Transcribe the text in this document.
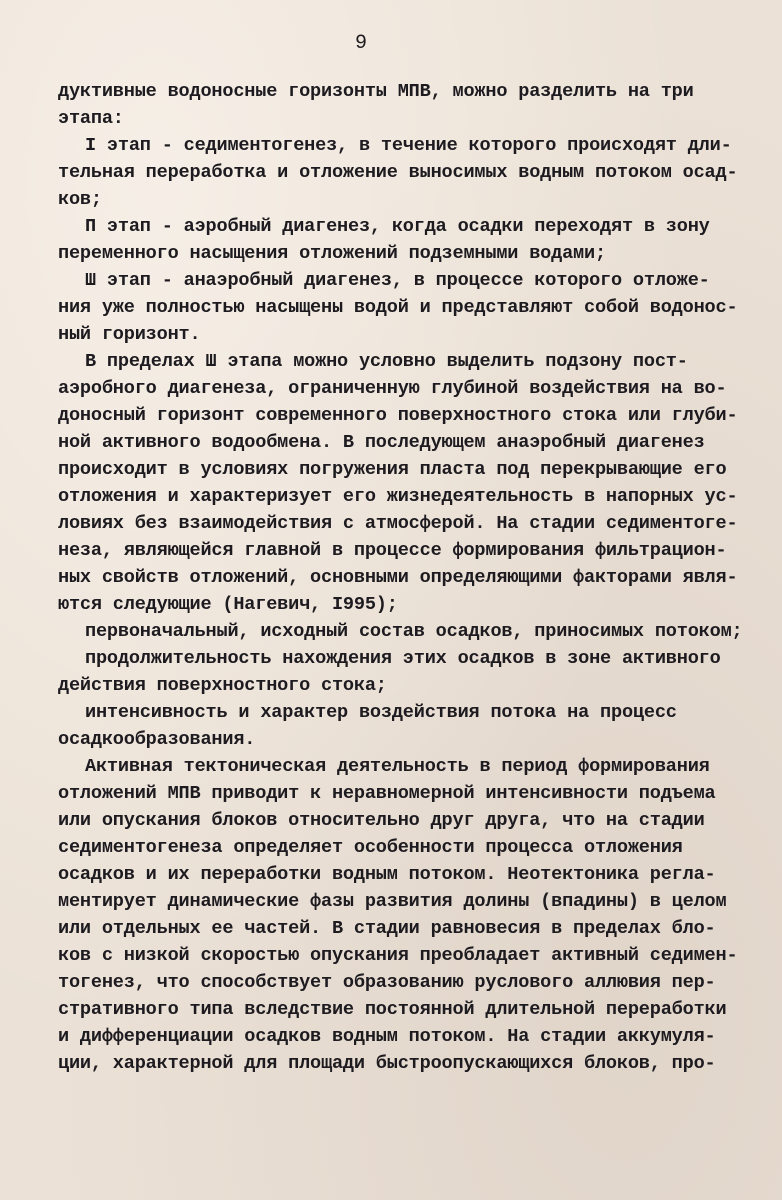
9
дуктивные водоносные горизонты МПВ, можно разделить на три
этапа:
I этап - седиментогенез, в течение которого происходят дли-
тельная переработка и отложение выносимых водным потоком осад-
ков;
П этап - аэробный диагенез, когда осадки переходят в зону
переменного насыщения отложений подземными водами;
Ш этап - анаэробный диагенез, в процессе которого отложе-
ния уже полностью насыщены водой и представляют собой водонос-
ный горизонт.
В пределах Ш этапа можно условно выделить подзону пост-
аэробного диагенеза, ограниченную глубиной воздействия на во-
доносный горизонт современного поверхностного стока или глуби-
ной активного водообмена. В последующем анаэробный диагенез
происходит в условиях погружения пласта под перекрывающие его
отложения и характеризует его жизнедеятельность в напорных ус-
ловиях без взаимодействия с атмосферой. На стадии седиментоге-
неза, являющейся главной в процессе формирования фильтрацион-
ных свойств отложений, основными определяющими факторами явля-
ются следующие (Нагевич, I995);
первоначальный, исходный состав осадков, приносимых потоком;
продолжительность нахождения этих осадков в зоне активного
действия поверхностного стока;
интенсивность и характер воздействия потока на процесс
осадкообразования.
Активная тектоническая деятельность в период формирования
отложений МПВ приводит к неравномерной интенсивности подъема
или опускания блоков относительно друг друга, что на стадии
седиментогенеза определяет особенности процесса отложения
осадков и их переработки водным потоком. Неотектоника регла-
ментирует динамические фазы развития долины (впадины) в целом
или отдельных ее частей. В стадии равновесия в пределах бло-
ков с низкой скоростью опускания преобладает активный седимен-
тогенез, что способствует образованию руслового аллювия пер-
стративного типа вследствие постоянной длительной переработки
и дифференциации осадков водным потоком. На стадии аккумуля-
ции, характерной для площади быстроопускающихся блоков, про-
